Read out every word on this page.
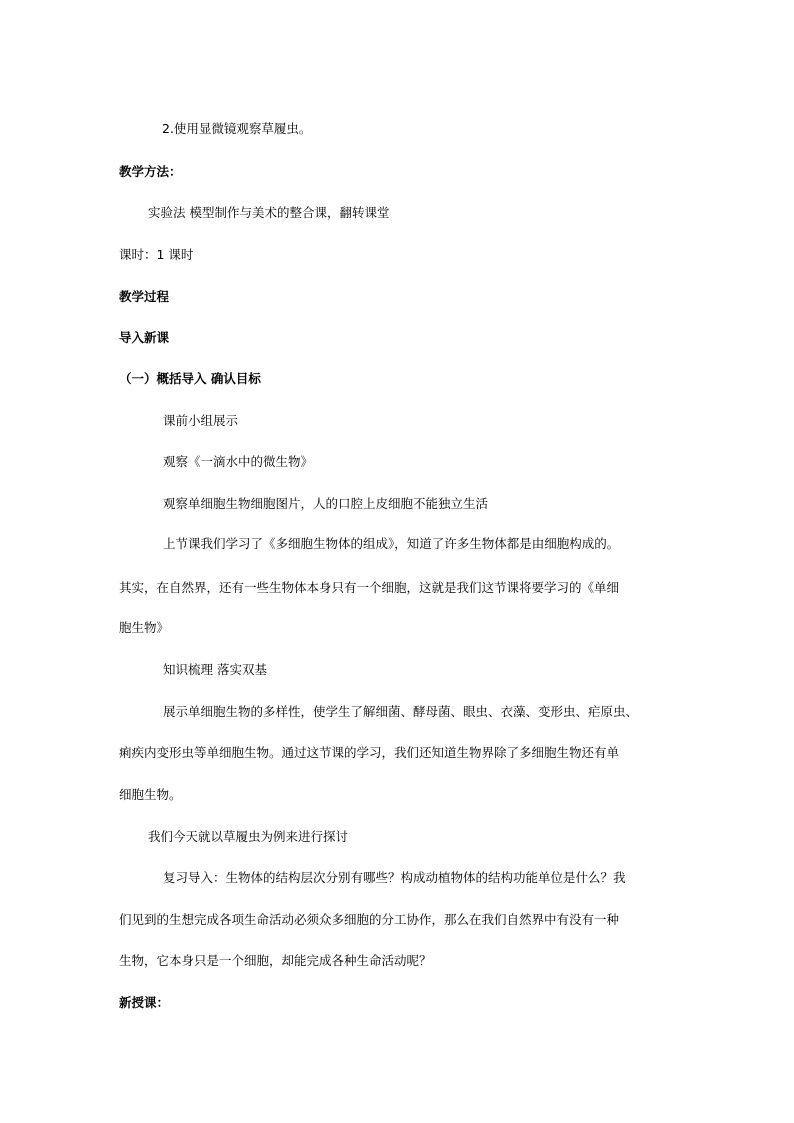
2.使用显微镜观察草履虫。

教学方法：

实验法 模型制作与美术的整合课，翻转课堂

课时：1 课时

教学过程

导入新课

（一）概括导入 确认目标

课前小组展示

观察《一滴水中的微生物》

观察单细胞生物细胞图片，人的口腔上皮细胞不能独立生活

上节课我们学习了《多细胞生物体的组成》，知道了许多生物体都是由细胞构成的。

其实，在自然界，还有一些生物体本身只有一个细胞，这就是我们这节课将要学习的《单细

胞生物》

知识梳理 落实双基

展示单细胞生物的多样性，使学生了解细菌、酵母菌、眼虫、衣藻、变形虫、疟原虫、

痢疾内变形虫等单细胞生物。通过这节课的学习，我们还知道生物界除了多细胞生物还有单

细胞生物。

我们今天就以草履虫为例来进行探讨

复习导入：生物体的结构层次分别有哪些？构成动植物体的结构功能单位是什么？我

们见到的生想完成各项生命活动必须众多细胞的分工协作，那么在我们自然界中有没有一种

生物，它本身只是一个细胞，却能完成各种生命活动呢？

新授课：
